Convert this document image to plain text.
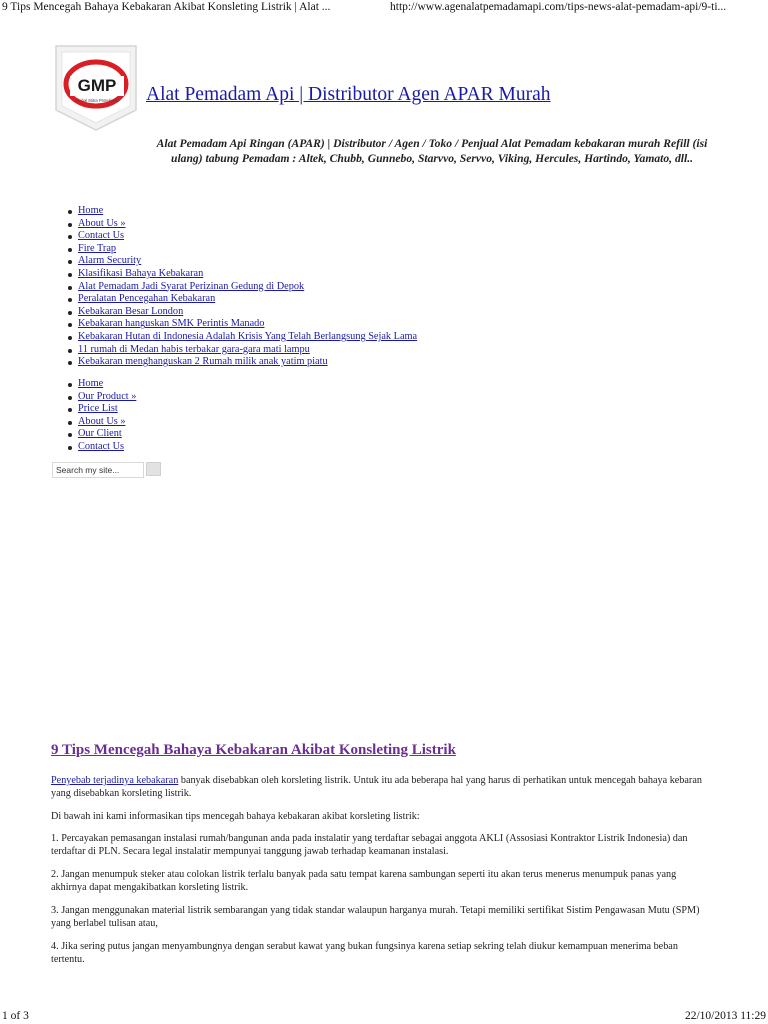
9 Tips Mencegah Bahaya Kebakaran Akibat Konsleting Listrik | Alat ...	http://www.agenalatpemadamapi.com/tips-news-alat-pemadam-api/9-ti...
GMP
Global Mitra Protekindo Alat Pemadam Api | Distributor Agen APAR Murah
Alat Pemadam Api Ringan (APAR) | Distributor / Agen / Toko / Penjual Alat Pemadam kebakaran murah Refill (isi ulang) tabung Pemadam : Altek, Chubb, Gunnebo, Starvvo, Servvo, Viking, Hercules, Hartindo, Yamato, dll..
Home
About Us »
Contact Us
Fire Trap
Alarm Security
Klasifikasi Bahaya Kebakaran
Alat Pemadam Jadi Syarat Perizinan Gedung di Depok
Peralatan Pencegahan Kebakaran
Kebakaran Besar London
Kebakaran hanguskan SMK Perintis Manado
Kebakaran Hutan di Indonesia Adalah Krisis Yang Telah Berlangsung Sejak Lama
11 rumah di Medan habis terbakar gara-gara mati lampu
Kebakaran menghanguskan 2 Rumah milik anak yatim piatu
Home
Our Product »
Price List
About Us »
Our Client
Contact Us
Search my site...
9 Tips Mencegah Bahaya Kebakaran Akibat Konsleting Listrik

Penyebab terjadinya kebakaran banyak disebabkan oleh korsleting listrik. Untuk itu ada beberapa hal yang harus di perhatikan untuk mencegah bahaya kebaran yang disebabkan korsleting listrik.

Di bawah ini kami informasikan tips mencegah bahaya kebakaran akibat korsleting listrik:

1. Percayakan pemasangan instalasi rumah/bangunan anda pada instalatir yang terdaftar sebagai anggota AKLI (Assosiasi Kontraktor Listrik Indonesia) dan terdaftar di PLN. Secara legal instalatir mempunyai tanggung jawab terhadap keamanan instalasi.

2. Jangan menumpuk steker atau colokan listrik terlalu banyak pada satu tempat karena sambungan seperti itu akan terus menerus menumpuk panas yang akhirnya dapat mengakibatkan korsleting listrik.

3. Jangan menggunakan material listrik sembarangan yang tidak standar walaupun harganya murah. Tetapi memiliki sertifikat Sistim Pengawasan Mutu (SPM) yang berlabel tulisan atau,

4. Jika sering putus jangan menyambungnya dengan serabut kawat yang bukan fungsinya karena setiap sekring telah diukur kemampuan menerima beban tertentu.

1 of 3	22/10/2013 11:29
